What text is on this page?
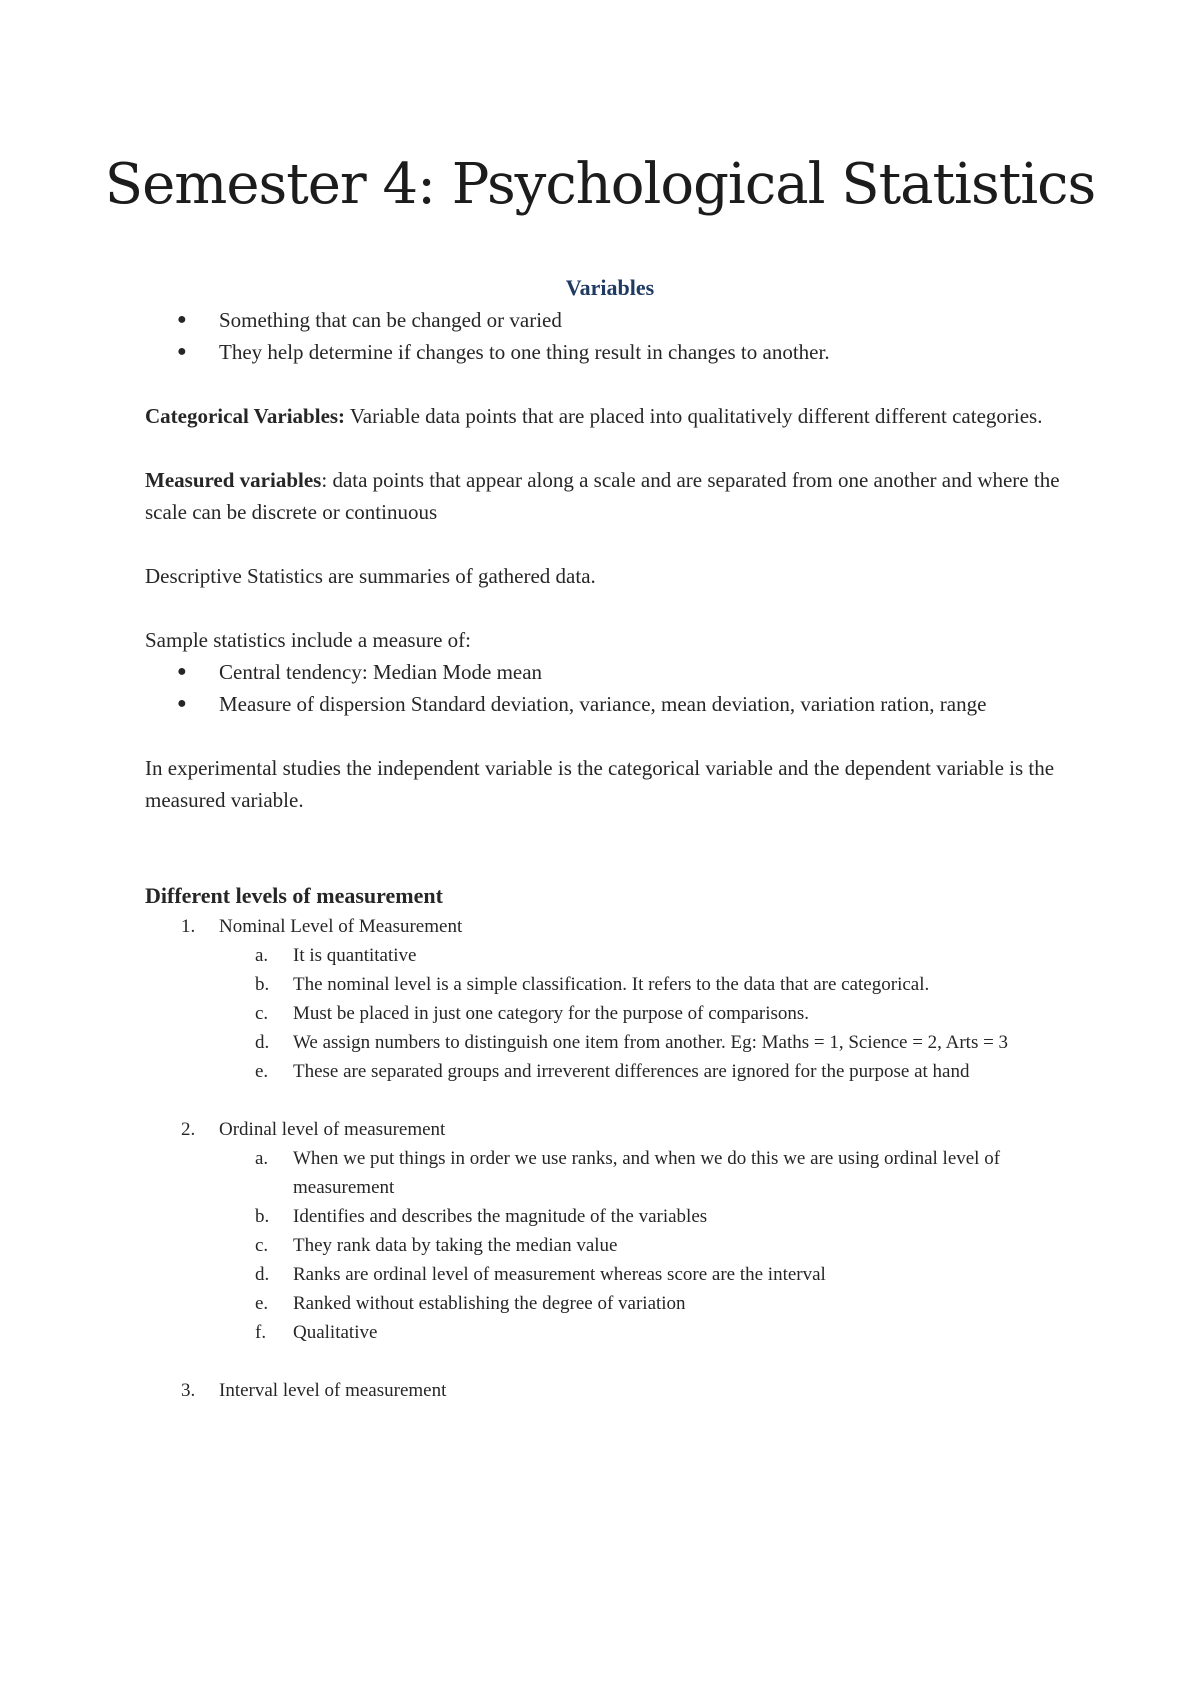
Semester 4: Psychological Statistics

Variables

●	Something that can be changed or varied
●	They help determine if changes to one thing result in changes to another.

Categorical Variables: Variable data points that are placed into qualitatively different different categories.

Measured variables: data points that appear along a scale and are separated from one another and where the scale can be discrete or continuous

Descriptive Statistics are summaries of gathered data.

Sample statistics include a measure of:

●	Central tendency: Median Mode mean
●	Measure of dispersion Standard deviation, variance, mean deviation, variation ration, range

In experimental studies the independent variable is the categorical variable and the dependent variable is the measured variable.

Different levels of measurement

1. Nominal Level of Measurement
a. It is quantitative
b. The nominal level is a simple classification. It refers to the data that are categorical.
c. Must be placed in just one category for the purpose of comparisons.
d. We assign numbers to distinguish one item from another. Eg: Maths = 1, Science = 2, Arts = 3
e. These are separated groups and irreverent differences are ignored for the purpose at hand
2. Ordinal level of measurement
a. When we put things in order we use ranks, and when we do this we are using ordinal level of measurement
b. Identifies and describes the magnitude of the variables
c. They rank data by taking the median value
d. Ranks are ordinal level of measurement whereas score are the interval
e. Ranked without establishing the degree of variation
f. Qualitative
3. Interval level of measurement
